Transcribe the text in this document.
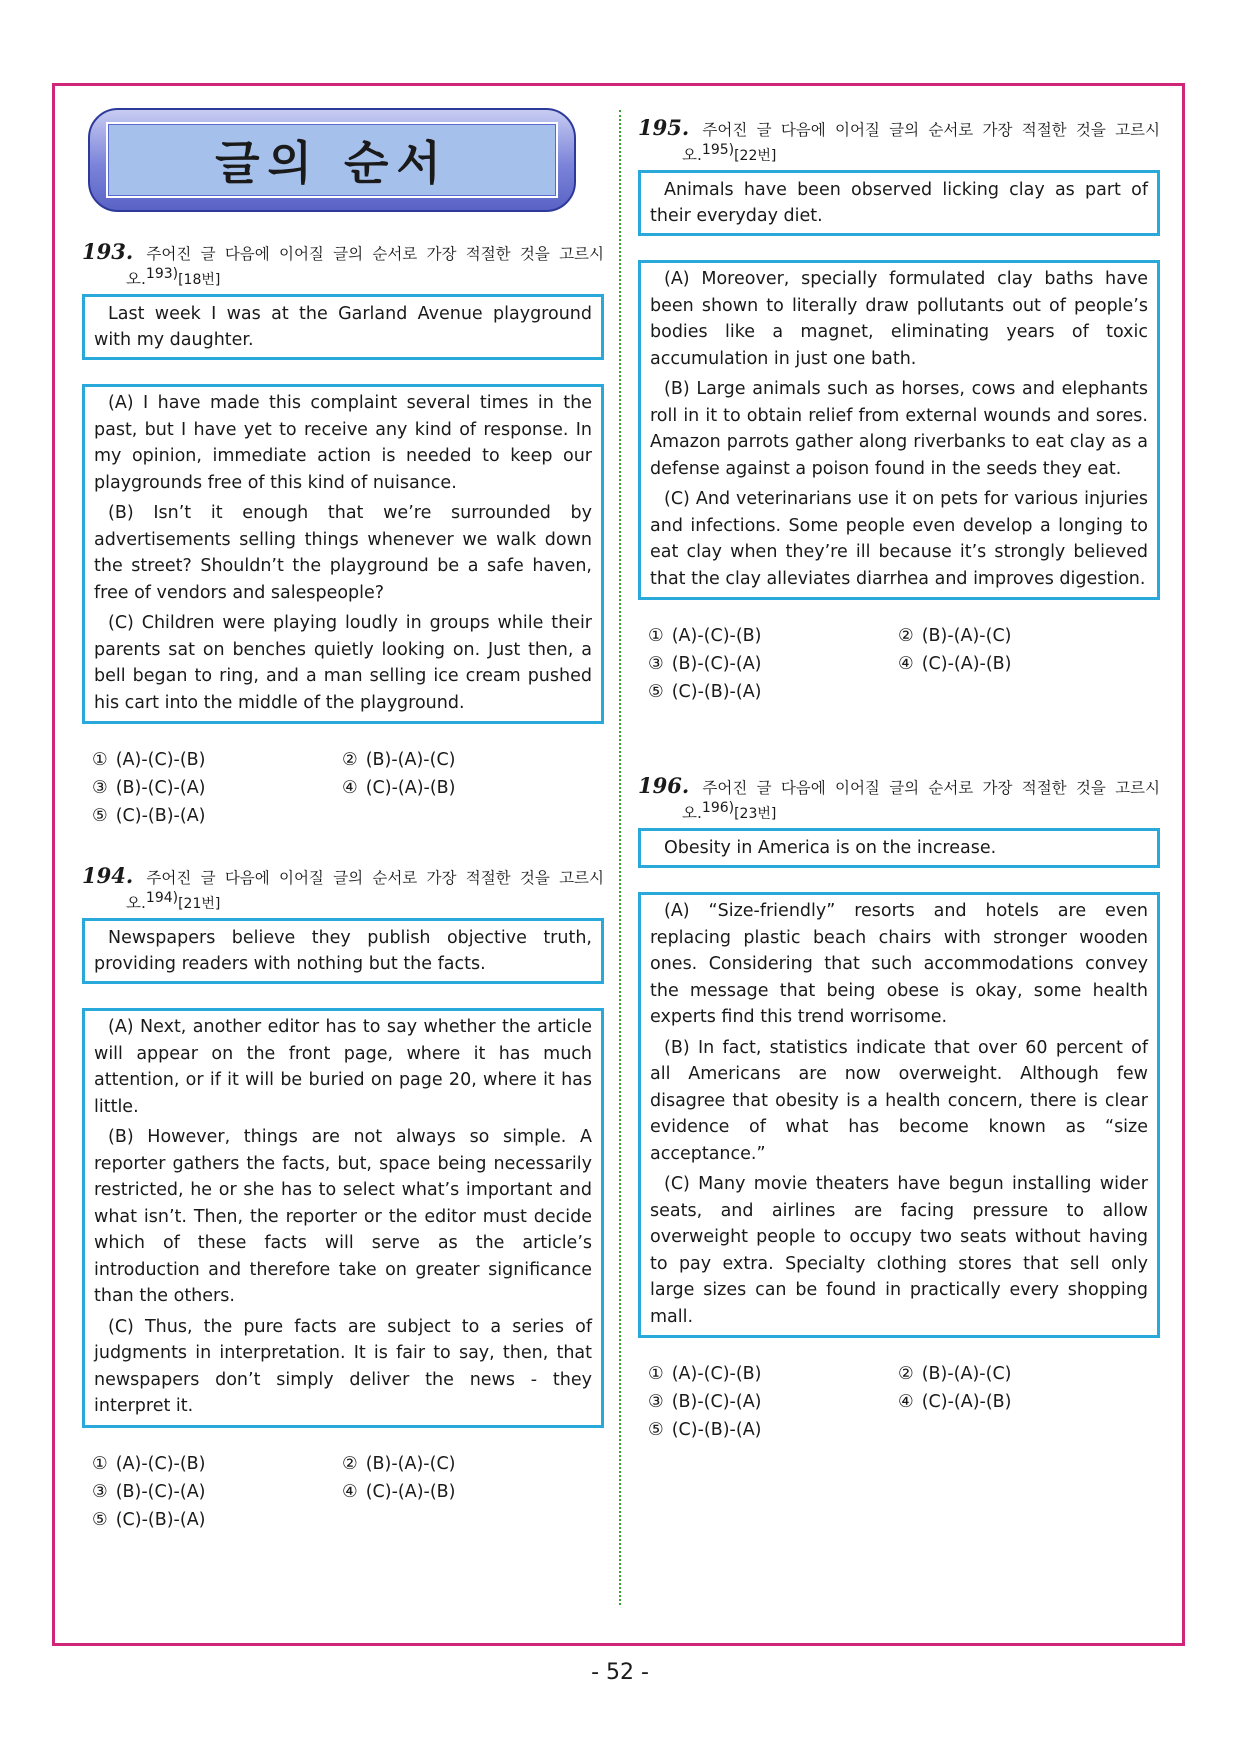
글의 순서
193. 주어진 글 다음에 이어질 글의 순서로 가장 적절한 것을 고르시오.$^{193)}$[18번]

Last week I was at the Garland Avenue playground with my daughter.

(A) I have made this complaint several times in the past, but I have yet to receive any kind of response. In my opinion, immediate action is needed to keep our playgrounds free of this kind of nuisance.

(B) Isn’t it enough that we’re surrounded by advertisements selling things whenever we walk down the street? Shouldn’t the playground be a safe haven, free of vendors and salespeople?

(C) Children were playing loudly in groups while their parents sat on benches quietly looking on. Just then, a bell began to ring, and a man selling ice cream pushed his cart into the middle of the playground.

① (A)-(C)-(B)	② (B)-(A)-(C)
③ (B)-(C)-(A)	④ (C)-(A)-(B)
⑤ (C)-(B)-(A)
194. 주어진 글 다음에 이어질 글의 순서로 가장 적절한 것을 고르시오.$^{194)}$[21번]

Newspapers believe they publish objective truth, providing readers with nothing but the facts.

(A) Next, another editor has to say whether the article will appear on the front page, where it has much attention, or if it will be buried on page 20, where it has little.

(B) However, things are not always so simple. A reporter gathers the facts, but, space being necessarily restricted, he or she has to select what’s important and what isn’t. Then, the reporter or the editor must decide which of these facts will serve as the article’s introduction and therefore take on greater significance than the others.

(C) Thus, the pure facts are subject to a series of judgments in interpretation. It is fair to say, then, that newspapers don’t simply deliver the news - they interpret it.

① (A)-(C)-(B)	② (B)-(A)-(C)
③ (B)-(C)-(A)	④ (C)-(A)-(B)
⑤ (C)-(B)-(A)
195. 주어진 글 다음에 이어질 글의 순서로 가장 적절한 것을 고르시오.$^{195)}$[22번]

Animals have been observed licking clay as part of their everyday diet.

(A) Moreover, specially formulated clay baths have been shown to literally draw pollutants out of people’s bodies like a magnet, eliminating years of toxic accumulation in just one bath.

(B) Large animals such as horses, cows and elephants roll in it to obtain relief from external wounds and sores. Amazon parrots gather along riverbanks to eat clay as a defense against a poison found in the seeds they eat.

(C) And veterinarians use it on pets for various injuries and infections. Some people even develop a longing to eat clay when they’re ill because it’s strongly believed that the clay alleviates diarrhea and improves digestion.

① (A)-(C)-(B)	② (B)-(A)-(C)
③ (B)-(C)-(A)	④ (C)-(A)-(B)
⑤ (C)-(B)-(A)
196. 주어진 글 다음에 이어질 글의 순서로 가장 적절한 것을 고르시오.$^{196)}$[23번]

Obesity in America is on the increase.

(A) “Size-friendly” resorts and hotels are even replacing plastic beach chairs with stronger wooden ones. Considering that such accommodations convey the message that being obese is okay, some health experts find this trend worrisome.

(B) In fact, statistics indicate that over 60 percent of all Americans are now overweight. Although few disagree that obesity is a health concern, there is clear evidence of what has become known as “size acceptance.”

(C) Many movie theaters have begun installing wider seats, and airlines are facing pressure to allow overweight people to occupy two seats without having to pay extra. Specialty clothing stores that sell only large sizes can be found in practically every shopping mall.

① (A)-(C)-(B)	② (B)-(A)-(C)
③ (B)-(C)-(A)	④ (C)-(A)-(B)
⑤ (C)-(B)-(A)
- 52 -
